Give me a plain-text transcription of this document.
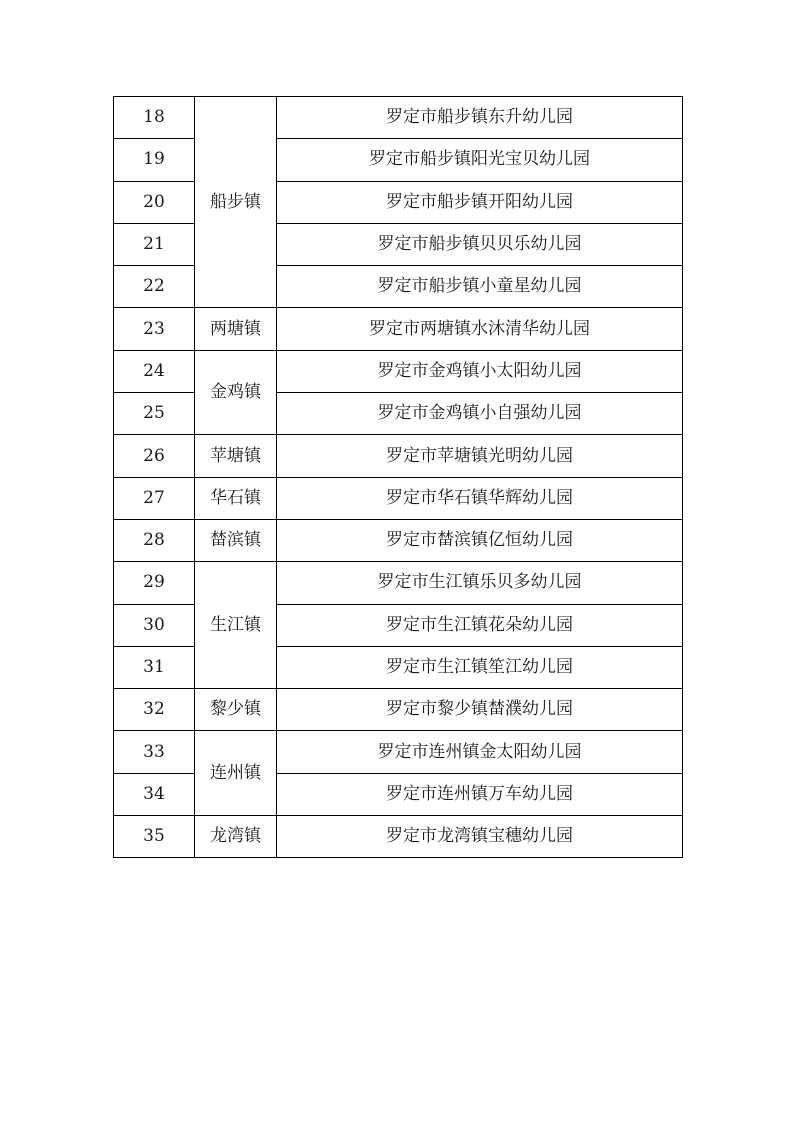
18	船步镇	罗定市船步镇东升幼儿园
19		罗定市船步镇阳光宝贝幼儿园
20		罗定市船步镇开阳幼儿园
21		罗定市船步镇贝贝乐幼儿园
22		罗定市船步镇小童星幼儿园
23	两塘镇	罗定市两塘镇水沐清华幼儿园
24	金鸡镇	罗定市金鸡镇小太阳幼儿园
25		罗定市金鸡镇小自强幼儿园
26	苹塘镇	罗定市苹塘镇光明幼儿园
27	华石镇	罗定市华石镇华辉幼儿园
28	榃滨镇	罗定市榃滨镇亿恒幼儿园
29	生江镇	罗定市生江镇乐贝多幼儿园
30		罗定市生江镇花朵幼儿园
31		罗定市生江镇笙江幼儿园
32	黎少镇	罗定市黎少镇榃濮幼儿园
33	连州镇	罗定市连州镇金太阳幼儿园
34		罗定市连州镇万车幼儿园
35	龙湾镇	罗定市龙湾镇宝穗幼儿园
